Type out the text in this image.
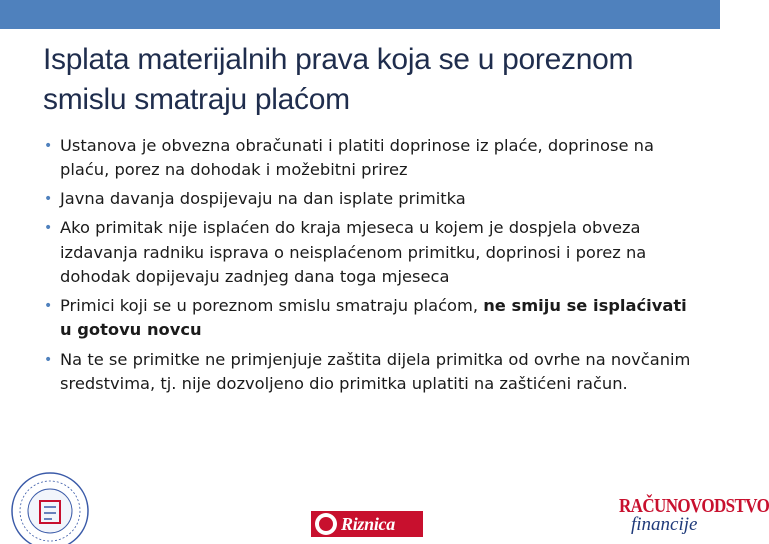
Isplata materijalnih prava koja se u poreznom smislu smatraju plaćom
• Ustanova je obvezna obračunati i platiti doprinose iz plaće, doprinose na plaću, porez na dohodak i možebitni prirez
• Javna davanja dospijevaju na dan isplate primitka
• Ako primitak nije isplaćen do kraja mjeseca u kojem je dospjela obveza izdavanja radniku isprava o neisplaćenom primitku, doprinosi i porez na dohodak dopijevaju zadnjeg dana toga mjeseca
• Primici koji se u poreznom smislu smatraju plaćom, ne smiju se isplaćivati u gotovu novcu
• Na te se primitke ne primjenjuje zaštita dijela primitka od ovrhe na novčanim sredstvima, tj. nije dozvoljeno dio primitka uplatiti na zaštićeni račun.
Riznica
RAČUNOVODSTVO
financije
